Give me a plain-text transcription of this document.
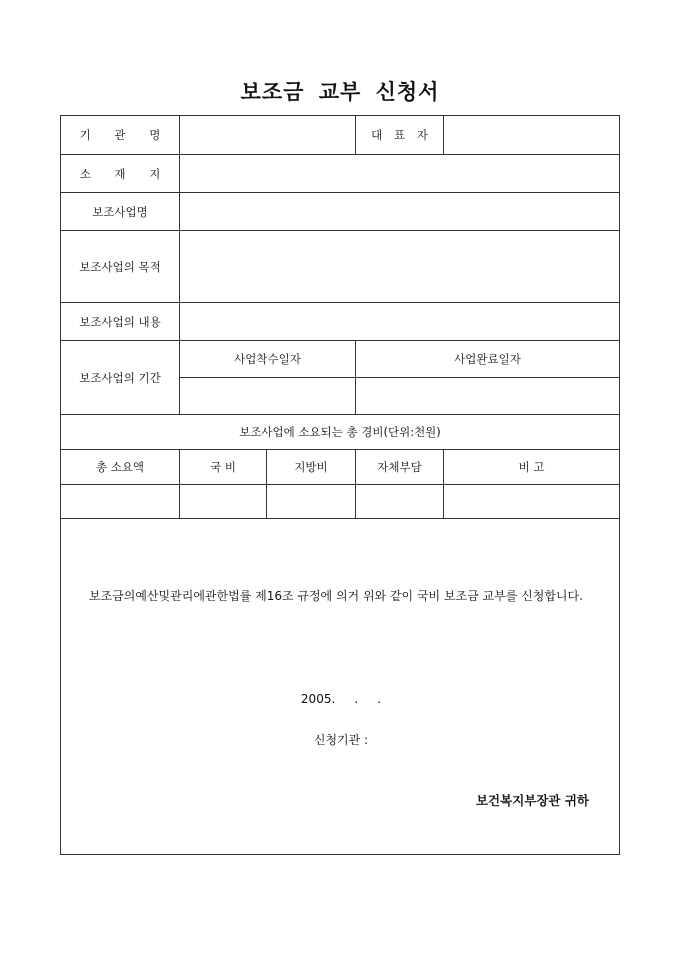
보조금 교부 신청서
기 관 명	대 표 자
소 재 지
보조사업명
보조사업의 목적
보조사업의 내용
보조사업의 기간
사업착수일자	사업완료일자
보조사업에 소요되는 총 경비(단위:천원)
총 소요액	국 비	지방비	자체부담	비 고
보조금의예산및관리에관한법률 제16조 규정에 의거 위와 같이 국비 보조금 교부를 신청합니다.
2005.     .     .
신청기관 :
보건복지부장관 귀하
